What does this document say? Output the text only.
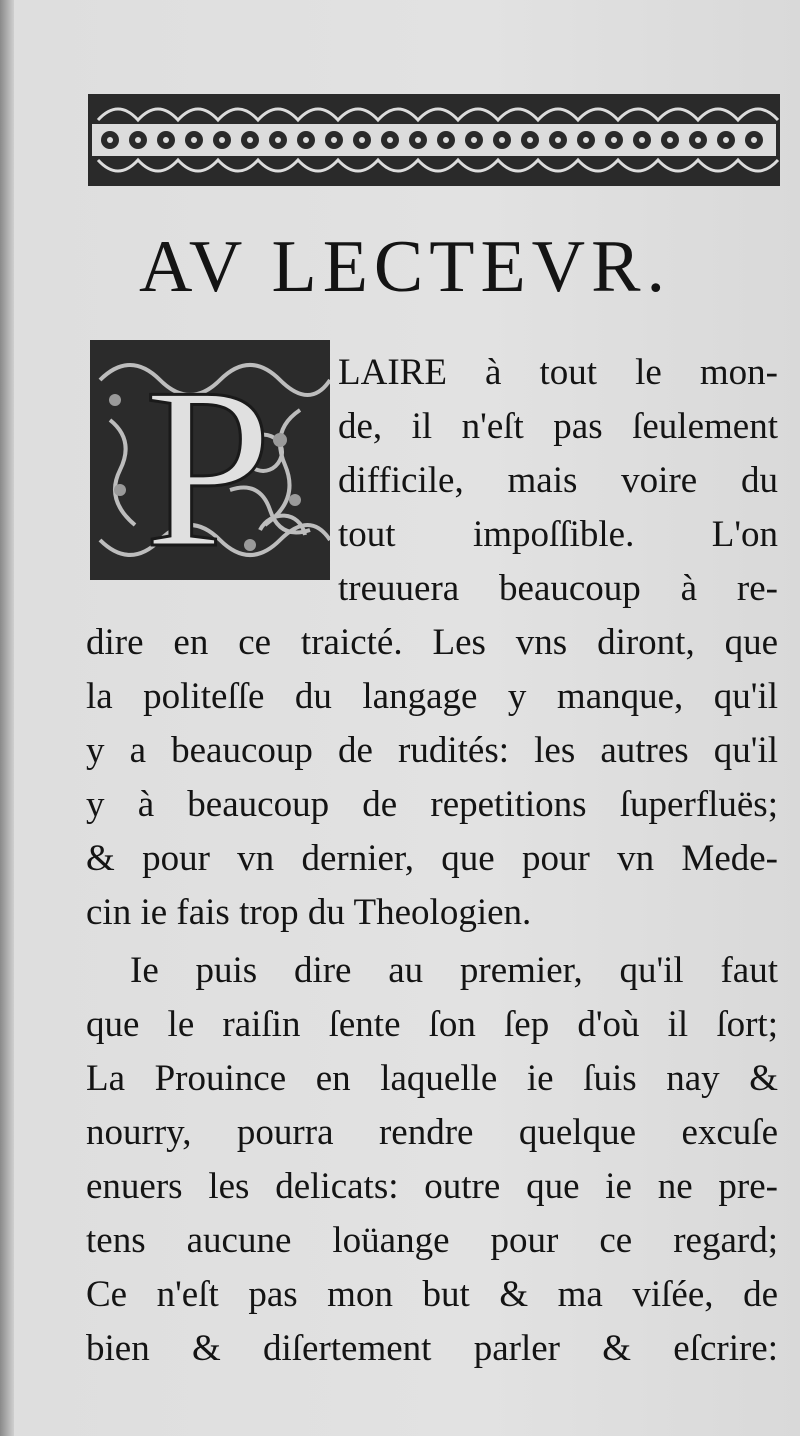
AV LECTEVR.
P LAIRE à tout le mon-
de, il n'eſt pas ſeulement
difficile, mais voire du
tout impoſſible. L'on
treuuera beaucoup à re-
dire en ce traicté. Les vns diront, que
la politeſſe du langage y manque, qu'il
y a beaucoup de rudités: les autres qu'il
y à beaucoup de repetitions ſuperfluës;
& pour vn dernier, que pour vn Mede-
cin ie fais trop du Theologien.
Ie puis dire au premier, qu'il faut
que le raiſin ſente ſon ſep d'où il ſort;
La Prouince en laquelle ie ſuis nay &
nourry, pourra rendre quelque excuſe
enuers les delicats: outre que ie ne pre-
tens aucune loüange pour ce regard;
Ce n'eſt pas mon but & ma viſée, de
bien & diſertement parler & eſcrire:
